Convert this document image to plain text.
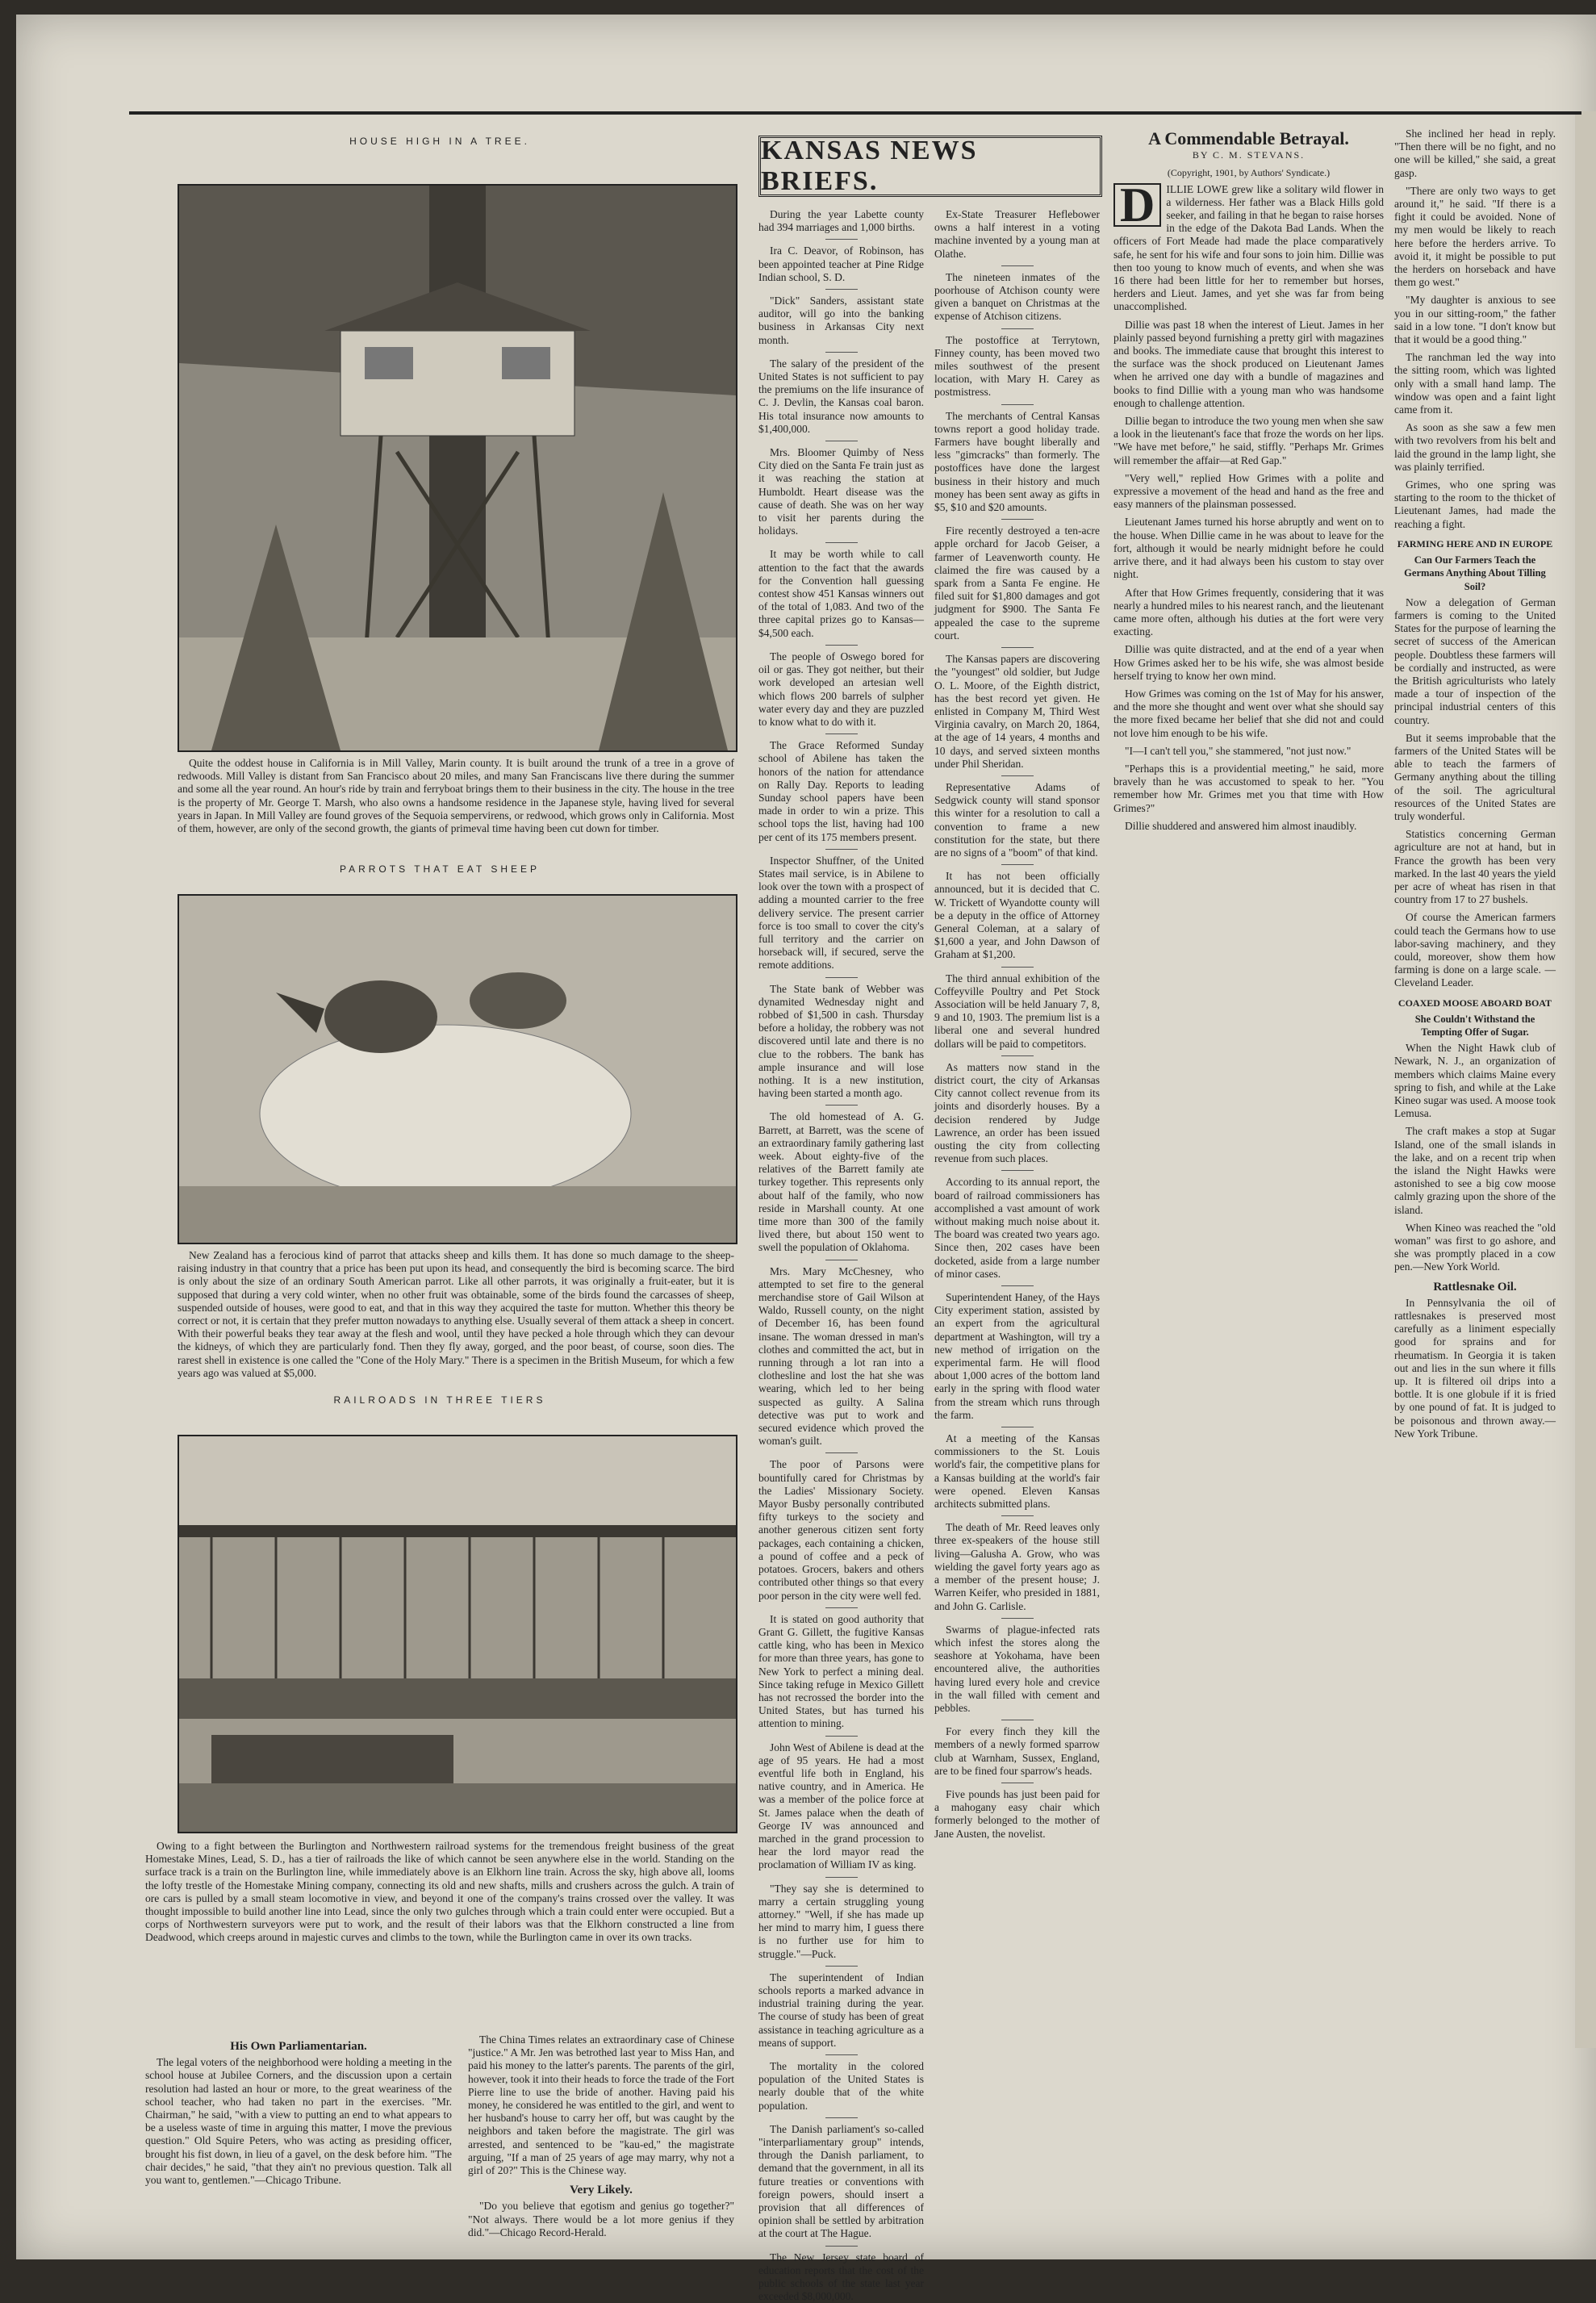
HOUSE HIGH IN A TREE.

Quite the oddest house in California is in Mill Valley, Marin county. It is built around the trunk of a tree in a grove of redwoods. Mill Valley is distant from San Francisco about 20 miles, and many San Franciscans live there during the summer and some all the year round. An hour's ride by train and ferryboat brings them to their business in the city. The house in the tree is the property of Mr. George T. Marsh, who also owns a handsome residence in the Japanese style, having lived for several years in Japan. In Mill Valley are found groves of the Sequoia sempervirens, or redwood, which grows only in California. Most of them, however, are only of the second growth, the giants of primeval time having been cut down for timber.

PARROTS THAT EAT SHEEP

New Zealand has a ferocious kind of parrot that attacks sheep and kills them. It has done so much damage to the sheep-raising industry in that country that a price has been put upon its head, and consequently the bird is becoming scarce. The bird is only about the size of an ordinary South American parrot. Like all other parrots, it was originally a fruit-eater, but it is supposed that during a very cold winter, when no other fruit was obtainable, some of the birds found the carcasses of sheep, suspended outside of houses, were good to eat, and that in this way they acquired the taste for mutton. Whether this theory be correct or not, it is certain that they prefer mutton nowadays to anything else. Usually several of them attack a sheep in concert. With their powerful beaks they tear away at the flesh and wool, until they have pecked a hole through which they can devour the kidneys, of which they are particularly fond. Then they fly away, gorged, and the poor beast, of course, soon dies. The rarest shell in existence is one called the "Cone of the Holy Mary." There is a specimen in the British Museum, for which a few years ago was valued at $5,000.

RAILROADS IN THREE TIERS

Owing to a fight between the Burlington and Northwestern railroad systems for the tremendous freight business of the great Homestake Mines, Lead, S. D., has a tier of railroads the like of which cannot be seen anywhere else in the world. Standing on the surface track is a train on the Burlington line, while immediately above is an Elkhorn line train. Across the sky, high above all, looms the lofty trestle of the Homestake Mining company, connecting its old and new shafts, mills and crushers across the gulch. A train of ore cars is pulled by a small steam locomotive in view, and beyond it one of the company's trains crossed over the valley. It was thought impossible to build another line into Lead, since the only two gulches through which a train could enter were occupied. But a corps of Northwestern surveyors were put to work, and the result of their labors was that the Elkhorn constructed a line from Deadwood, which creeps around in majestic curves and climbs to the town, while the Burlington came in over its own tracks.

His Own Parliamentarian.

The legal voters of the neighborhood were holding a meeting in the school house at Jubilee Corners, and the discussion upon a certain resolution had lasted an hour or more, to the great weariness of the school teacher, who had taken no part in the exercises. "Mr. Chairman," he said, "with a view to putting an end to what appears to be a useless waste of time in arguing this matter, I move the previous question." Old Squire Peters, who was acting as presiding officer, brought his fist down, in lieu of a gavel, on the desk before him. "The chair decides," he said, "that they ain't no previous question. Talk all you want to, gentlemen."—Chicago Tribune.

The China Times relates an extraordinary case of Chinese "justice." A Mr. Jen was betrothed last year to Miss Han, and paid his money to the latter's parents. The parents of the girl, however, took it into their heads to force the trade of the Fort Pierre line to use the bride of another. Having paid his money, he considered he was entitled to the girl, and went to her husband's house to carry her off, but was caught by the neighbors and taken before the magistrate. The girl was arrested, and sentenced to be "kau-ed," the magistrate arguing, "If a man of 25 years of age may marry, why not a girl of 20?" This is the Chinese way.

Very Likely.

"Do you believe that egotism and genius go together?" "Not always. There would be a lot more genius if they did."—Chicago Record-Herald.

KANSAS NEWS BRIEFS.

During the year Labette county had 394 marriages and 1,000 births.

Ira C. Deavor, of Robinson, has been appointed teacher at Pine Ridge Indian school, S. D.

"Dick" Sanders, assistant state auditor, will go into the banking business in Arkansas City next month.

The salary of the president of the United States is not sufficient to pay the premiums on the life insurance of C. J. Devlin, the Kansas coal baron. His total insurance now amounts to $1,400,000.

Mrs. Bloomer Quimby of Ness City died on the Santa Fe train just as it was reaching the station at Humboldt. Heart disease was the cause of death. She was on her way to visit her parents during the holidays.

It may be worth while to call attention to the fact that the awards for the Convention hall guessing contest show 451 Kansas winners out of the total of 1,083. And two of the three capital prizes go to Kansas—$4,500 each.

The people of Oswego bored for oil or gas. They got neither, but their work developed an artesian well which flows 200 barrels of sulpher water every day and they are puzzled to know what to do with it.

The Grace Reformed Sunday school of Abilene has taken the honors of the nation for attendance on Rally Day. Reports to leading Sunday school papers have been made in order to win a prize. This school tops the list, having had 100 per cent of its 175 members present.

Inspector Shuffner, of the United States mail service, is in Abilene to look over the town with a prospect of adding a mounted carrier to the free delivery service. The present carrier force is too small to cover the city's full territory and the carrier on horseback will, if secured, serve the remote additions.

The State bank of Webber was dynamited Wednesday night and robbed of $1,500 in cash. Thursday before a holiday, the robbery was not discovered until late and there is no clue to the robbers. The bank has ample insurance and will lose nothing. It is a new institution, having been started a month ago.

The old homestead of A. G. Barrett, at Barrett, was the scene of an extraordinary family gathering last week. About eighty-five of the relatives of the Barrett family ate turkey together. This represents only about half of the family, who now reside in Marshall county. At one time more than 300 of the family lived there, but about 150 went to swell the population of Oklahoma.

Mrs. Mary McChesney, who attempted to set fire to the general merchandise store of Gail Wilson at Waldo, Russell county, on the night of December 16, has been found insane. The woman dressed in man's clothes and committed the act, but in running through a lot ran into a clothesline and lost the hat she was wearing, which led to her being suspected as guilty. A Salina detective was put to work and secured evidence which proved the woman's guilt.

The poor of Parsons were bountifully cared for Christmas by the Ladies' Missionary Society. Mayor Busby personally contributed fifty turkeys to the society and another generous citizen sent forty packages, each containing a chicken, a pound of coffee and a peck of potatoes. Grocers, bakers and others contributed other things so that every poor person in the city were well fed.

It is stated on good authority that Grant G. Gillett, the fugitive Kansas cattle king, who has been in Mexico for more than three years, has gone to New York to perfect a mining deal. Since taking refuge in Mexico Gillett has not recrossed the border into the United States, but has turned his attention to mining.

John West of Abilene is dead at the age of 95 years. He had a most eventful life both in England, his native country, and in America. He was a member of the police force at St. James palace when the death of George IV was announced and marched in the grand procession to hear the lord mayor read the proclamation of William IV as king.

"They say she is determined to marry a certain struggling young attorney." "Well, if she has made up her mind to marry him, I guess there is no further use for him to struggle."—Puck.

The superintendent of Indian schools reports a marked advance in industrial training during the year. The course of study has been of great assistance in teaching agriculture as a means of support.

The mortality in the colored population of the United States is nearly double that of the white population.

The Danish parliament's so-called "interparliamentary group" intends, through the Danish parliament, to demand that the government, in all its future treaties or conventions with foreign powers, should insert a provision that all differences of opinion shall be settled by arbitration at the court at The Hague.

The New Jersey state board of education reports that the cost of the public schools of the state last year exceeded $8,000,000.

Ex-State Treasurer Heflebower owns a half interest in a voting machine invented by a young man at Olathe.

The nineteen inmates of the poorhouse of Atchison county were given a banquet on Christmas at the expense of Atchison citizens.

The postoffice at Terrytown, Finney county, has been moved two miles southwest of the present location, with Mary H. Carey as postmistress.

The merchants of Central Kansas towns report a good holiday trade. Farmers have bought liberally and less "gimcracks" than formerly. The postoffices have done the largest business in their history and much money has been sent away as gifts in $5, $10 and $20 amounts.

Fire recently destroyed a ten-acre apple orchard for Jacob Geiser, a farmer of Leavenworth county. He claimed the fire was caused by a spark from a Santa Fe engine. He filed suit for $1,800 damages and got judgment for $900. The Santa Fe appealed the case to the supreme court.

The Kansas papers are discovering the "youngest" old soldier, but Judge O. L. Moore, of the Eighth district, has the best record yet given. He enlisted in Company M, Third West Virginia cavalry, on March 20, 1864, at the age of 14 years, 4 months and 10 days, and served sixteen months under Phil Sheridan.

Representative Adams of Sedgwick county will stand sponsor this winter for a resolution to call a convention to frame a new constitution for the state, but there are no signs of a "boom" of that kind.

It has not been officially announced, but it is decided that C. W. Trickett of Wyandotte county will be a deputy in the office of Attorney General Coleman, at a salary of $1,600 a year, and John Dawson of Graham at $1,200.

The third annual exhibition of the Coffeyville Poultry and Pet Stock Association will be held January 7, 8, 9 and 10, 1903. The premium list is a liberal one and several hundred dollars will be paid to competitors.

As matters now stand in the district court, the city of Arkansas City cannot collect revenue from its joints and disorderly houses. By a decision rendered by Judge Lawrence, an order has been issued ousting the city from collecting revenue from such places.

According to its annual report, the board of railroad commissioners has accomplished a vast amount of work without making much noise about it. The board was created two years ago. Since then, 202 cases have been docketed, aside from a large number of minor cases.

Superintendent Haney, of the Hays City experiment station, assisted by an expert from the agricultural department at Washington, will try a new method of irrigation on the experimental farm. He will flood about 1,000 acres of the bottom land early in the spring with flood water from the stream which runs through the farm.

At a meeting of the Kansas commissioners to the St. Louis world's fair, the competitive plans for a Kansas building at the world's fair were opened. Eleven Kansas architects submitted plans.

The death of Mr. Reed leaves only three ex-speakers of the house still living—Galusha A. Grow, who was wielding the gavel forty years ago as a member of the present house; J. Warren Keifer, who presided in 1881, and John G. Carlisle.

Swarms of plague-infected rats which infest the stores along the seashore at Yokohama, have been encountered alive, the authorities having lured every hole and crevice in the wall filled with cement and pebbles.

For every finch they kill the members of a newly formed sparrow club at Warnham, Sussex, England, are to be fined four sparrow's heads.

Five pounds has just been paid for a mahogany easy chair which formerly belonged to the mother of Jane Austen, the novelist.

A Commendable Betrayal.
BY C. M. STEVANS.
(Copyright, 1901, by Authors' Syndicate.)
D	ILLIE LOWE grew like a solitary wild flower in a wilderness. Her father was a Black Hills gold seeker, and failing in that he began to raise horses in the edge of the Dakota Bad Lands. When the officers of Fort Meade had made the place comparatively safe, he sent for his wife and four sons to join him. Dillie was then too young to know much of events, and when she was 16 there had been little for her to remember but horses, herders and Lieut. James, and yet she was far from being unaccomplished.

Dillie was past 18 when the interest of Lieut. James in her plainly passed beyond furnishing a pretty girl with magazines and books. The immediate cause that brought this interest to the surface was the shock produced on Lieutenant James when he arrived one day with a bundle of magazines and books to find Dillie with a young man who was handsome enough to challenge attention.

Dillie began to introduce the two young men when she saw a look in the lieutenant's face that froze the words on her lips. "We have met before," he said, stiffly. "Perhaps Mr. Grimes will remember the affair—at Red Gap."

"Very well," replied How Grimes with a polite and expressive a movement of the head and hand as the free and easy manners of the plainsman possessed.

Lieutenant James turned his horse abruptly and went on to the house. When Dillie came in he was about to leave for the fort, although it would be nearly midnight before he could arrive there, and it had always been his custom to stay over night.

After that How Grimes frequently, considering that it was nearly a hundred miles to his nearest ranch, and the lieutenant came more often, although his duties at the fort were very exacting.

Dillie was quite distracted, and at the end of a year when How Grimes asked her to be his wife, she was almost beside herself trying to know her own mind.

How Grimes was coming on the 1st of May for his answer, and the more she thought and went over what she should say the more fixed became her belief that she did not and could not love him enough to be his wife.

"I—I can't tell you," she stammered, "not just now."

"Perhaps this is a providential meeting," he said, more bravely than he was accustomed to speak to her. "You remember how Mr. Grimes met you that time with How Grimes?"

Dillie shuddered and answered him almost inaudibly.

She inclined her head in reply. "Then there will be no fight, and no one will be killed," she said, a great gasp.

"There are only two ways to get around it," he said. "If there is a fight it could be avoided. None of my men would be likely to reach here before the herders arrive. To avoid it, it might be possible to put the herders on horseback and have them go west."

"My daughter is anxious to see you in our sitting-room," the father said in a low tone. "I don't know but that it would be a good thing."

The ranchman led the way into the sitting room, which was lighted only with a small hand lamp. The window was open and a faint light came from it.

As soon as she saw a few men with two revolvers from his belt and laid the ground in the lamp light, she was plainly terrified.

Grimes, who one spring was starting to the room to the thicket of Lieutenant James, had made the reaching a fight.

FARMING HERE AND IN EUROPE
Can Our Farmers Teach the Germans Anything About Tilling Soil?

Now a delegation of German farmers is coming to the United States for the purpose of learning the secret of success of the American people. Doubtless these farmers will be cordially and instructed, as were the British agriculturists who lately made a tour of inspection of the principal industrial centers of this country.

But it seems improbable that the farmers of the United States will be able to teach the farmers of Germany anything about the tilling of the soil. The agricultural resources of the United States are truly wonderful.

Statistics concerning German agriculture are not at hand, but in France the growth has been very marked. In the last 40 years the yield per acre of wheat has risen in that country from 17 to 27 bushels.

Of course the American farmers could teach the Germans how to use labor-saving machinery, and they could, moreover, show them how farming is done on a large scale. —Cleveland Leader.

COAXED MOOSE ABOARD BOAT
She Couldn't Withstand the Tempting Offer of Sugar.

When the Night Hawk club of Newark, N. J., an organization of members which claims Maine every spring to fish, and while at the Lake Kineo sugar was used. A moose took Lemusa.

The craft makes a stop at Sugar Island, one of the small islands in the lake, and on a recent trip when the island the Night Hawks were astonished to see a big cow moose calmly grazing upon the shore of the island.

When Kineo was reached the "old woman" was first to go ashore, and she was promptly placed in a cow pen.—New York World.

Rattlesnake Oil.

In Pennsylvania the oil of rattlesnakes is preserved most carefully as a liniment especially good for sprains and for rheumatism. In Georgia it is taken out and lies in the sun where it fills up. It is filtered oil drips into a bottle. It is one globule if it is fried by one pound of fat. It is judged to be poisonous and thrown away.—New York Tribune.
